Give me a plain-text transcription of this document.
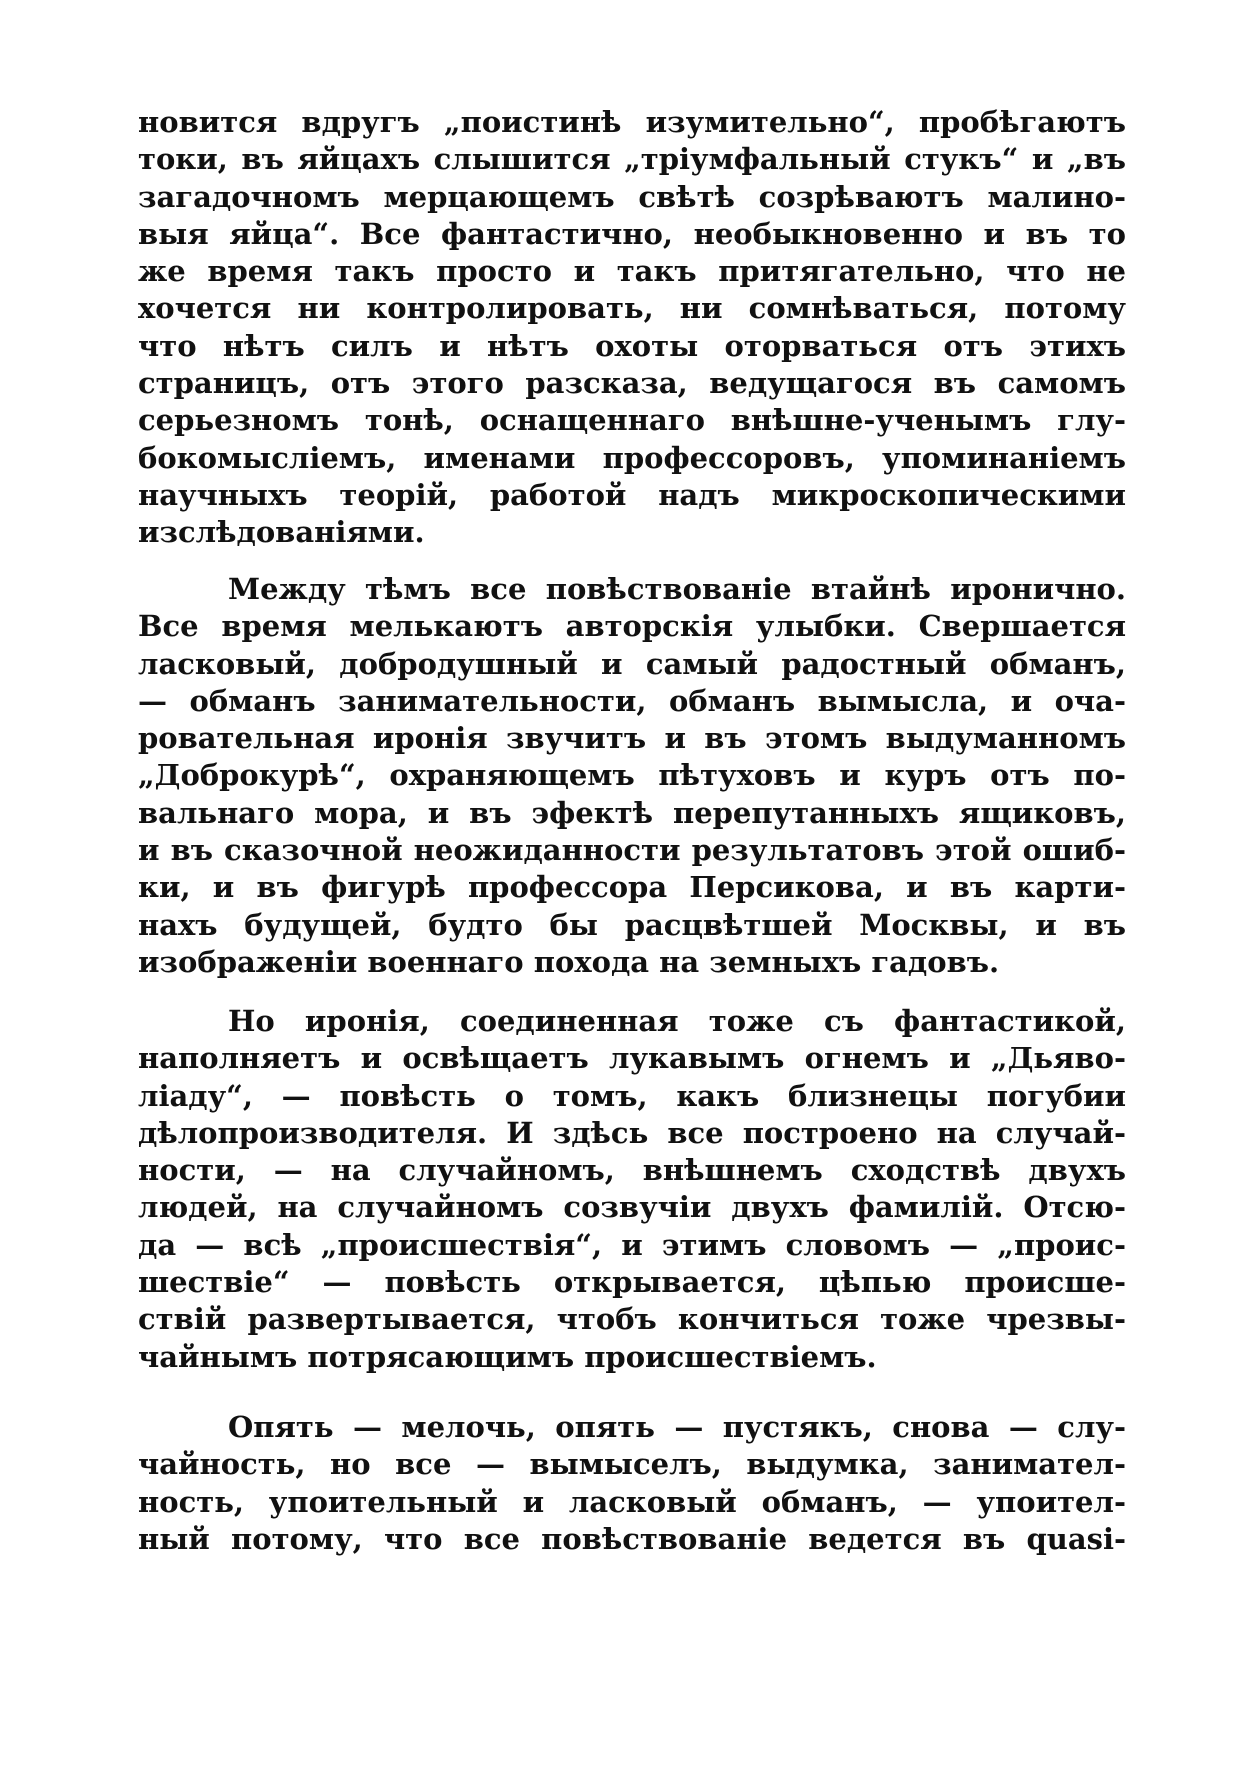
новится вдругъ „поистинѣ изумительно“, пробѣгаютъ
токи, въ яйцахъ слышится „тріумфальный стукъ“ и „въ
загадочномъ мерцающемъ свѣтѣ созрѣваютъ малино-
выя яйца“. Все фантастично, необыкновенно и въ то
же время такъ просто и такъ притягательно, что не
хочется ни контролировать, ни сомнѣваться, потому
что нѣтъ силъ и нѣтъ охоты оторваться отъ этихъ
страницъ, отъ этого разсказа, ведущагося въ самомъ
серьезномъ тонѣ, оснащеннаго внѣшне-ученымъ глу-
бокомысліемъ, именами профессоровъ, упоминаніемъ
научныхъ теорій, работой надъ микроскопическими
изслѣдованіями.
Между тѣмъ все повѣствованіе втайнѣ иронично.
Все время мелькаютъ авторскія улыбки. Свершается
ласковый, добродушный и самый радостный обманъ,
— обманъ занимательности, обманъ вымысла, и оча-
ровательная иронія звучитъ и въ этомъ выдуманномъ
„Доброкурѣ“, охраняющемъ пѣтуховъ и куръ отъ по-
вальнаго мора, и въ эфектѣ перепутанныхъ ящиковъ,
и въ сказочной неожиданности результатовъ этой ошиб-
ки, и въ фигурѣ профессора Персикова, и въ карти-
нахъ будущей, будто бы расцвѣтшей Москвы, и въ
изображеніи военнаго похода на земныхъ гадовъ.
Но иронія, соединенная тоже съ фантастикой,
наполняетъ и освѣщаетъ лукавымъ огнемъ и „Дьяво-
ліаду“, — повѣсть о томъ, какъ близнецы погубии
дѣлопроизводителя. И здѣсь все построено на случай-
ности, — на случайномъ, внѣшнемъ сходствѣ двухъ
людей, на случайномъ созвучіи двухъ фамилій. Отсю-
да — всѣ „происшествія“, и этимъ словомъ — „проис-
шествіе“ — повѣсть открывается, цѣпью происше-
ствій развертывается, чтобъ кончиться тоже чрезвы-
чайнымъ потрясающимъ происшествіемъ.
Опять — мелочь, опять — пустякъ, снова — слу-
чайность, но все — вымыселъ, выдумка, занимател-
ность, упоительный и ласковый обманъ, — упоител-
ный потому, что все повѣствованіе ведется въ quasi-
